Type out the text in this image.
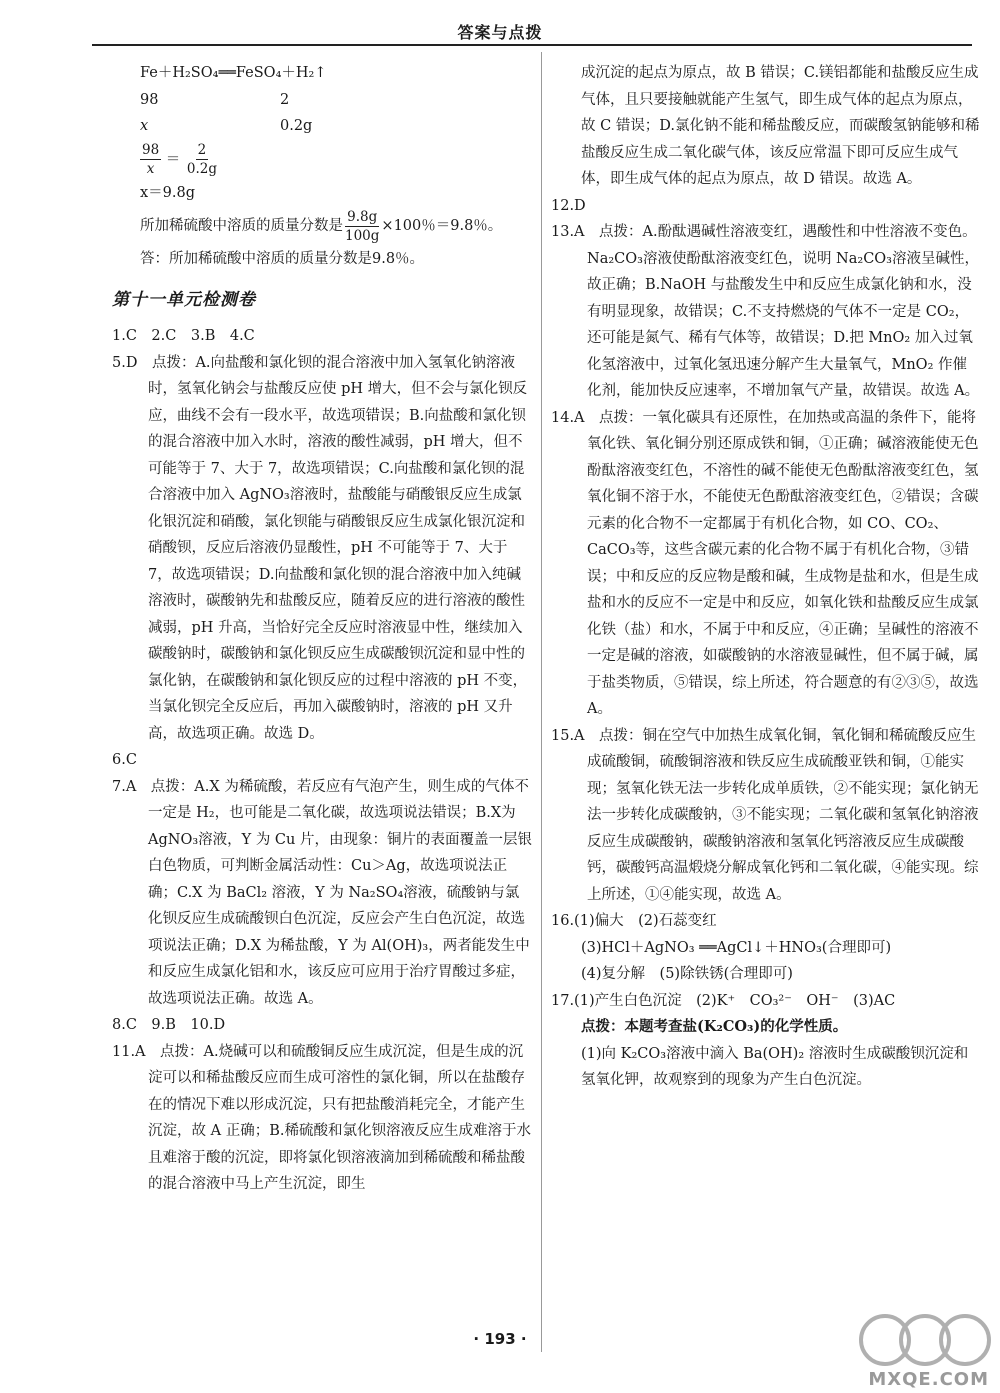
答案与点拨
Fe＋H₂SO₄══FeSO₄＋H₂↑
98	2
x	0.2g
$\frac{98}{x} = \frac{2}{0.2g}$
x＝9.8g
所加稀硫酸中溶质的质量分数是 $\frac{9.8g}{100g} \times 100$％＝9.8％。
答：所加稀硫酸中溶质的质量分数是9.8％。
第十一单元检测卷
1.C　2.C　3.B　4.C

5.D　点拨：A.向盐酸和氯化钡的混合溶液中加入氢氧化钠溶液时，氢氧化钠会与盐酸反应使 pH 增大，但不会与氯化钡反应，曲线不会有一段水平，故选项错误；B.向盐酸和氯化钡的混合溶液中加入水时，溶液的酸性减弱，pH 增大，但不可能等于 7、大于 7，故选项错误；C.向盐酸和氯化钡的混合溶液中加入 AgNO₃溶液时，盐酸能与硝酸银反应生成氯化银沉淀和硝酸，氯化钡能与硝酸银反应生成氯化银沉淀和硝酸钡，反应后溶液仍显酸性，pH 不可能等于 7、大于 7，故选项错误；D.向盐酸和氯化钡的混合溶液中加入纯碱溶液时，碳酸钠先和盐酸反应，随着反应的进行溶液的酸性减弱，pH 升高，当恰好完全反应时溶液显中性，继续加入碳酸钠时，碳酸钠和氯化钡反应生成碳酸钡沉淀和显中性的氯化钠，在碳酸钠和氯化钡反应的过程中溶液的 pH 不变，当氯化钡完全反应后，再加入碳酸钠时，溶液的 pH 又升高，故选项正确。故选 D。

6.C

7.A　点拨：A.X 为稀硫酸，若反应有气泡产生，则生成的气体不一定是 H₂，也可能是二氧化碳，故选项说法错误；B.X为 AgNO₃溶液，Y 为 Cu 片，由现象：铜片的表面覆盖一层银白色物质，可判断金属活动性：Cu＞Ag，故选项说法正确；C.X 为 BaCl₂ 溶液，Y 为 Na₂SO₄溶液，硫酸钠与氯化钡反应生成硫酸钡白色沉淀，反应会产生白色沉淀，故选项说法正确；D.X 为稀盐酸，Y 为 Al(OH)₃，两者能发生中和反应生成氯化铝和水，该反应可应用于治疗胃酸过多症，故选项说法正确。故选 A。

8.C　9.B　10.D

11.A　点拨：A.烧碱可以和硫酸铜反应生成沉淀，但是生成的沉淀可以和稀盐酸反应而生成可溶性的氯化铜，所以在盐酸存在的情况下难以形成沉淀，只有把盐酸消耗完全，才能产生沉淀，故 A 正确；B.稀硫酸和氯化钡溶液反应生成难溶于水且难溶于酸的沉淀，即将氯化钡溶液滴加到稀硫酸和稀盐酸的混合溶液中马上产生沉淀，即生

成沉淀的起点为原点，故 B 错误；C.镁铝都能和盐酸反应生成气体，且只要接触就能产生氢气，即生成气体的起点为原点，故 C 错误；D.氯化钠不能和稀盐酸反应，而碳酸氢钠能够和稀盐酸反应生成二氧化碳气体，该反应常温下即可反应生成气体，即生成气体的起点为原点，故 D 错误。故选 A。

12.D

13.A　点拨：A.酚酞遇碱性溶液变红，遇酸性和中性溶液不变色。Na₂CO₃溶液使酚酞溶液变红色，说明 Na₂CO₃溶液呈碱性，故正确；B.NaOH 与盐酸发生中和反应生成氯化钠和水，没有明显现象，故错误；C.不支持燃烧的气体不一定是 CO₂，还可能是氮气、稀有气体等，故错误；D.把 MnO₂ 加入过氧化氢溶液中，过氧化氢迅速分解产生大量氧气，MnO₂ 作催化剂，能加快反应速率，不增加氧气产量，故错误。故选 A。

14.A　点拨：一氧化碳具有还原性，在加热或高温的条件下，能将氧化铁、氧化铜分别还原成铁和铜，①正确；碱溶液能使无色酚酞溶液变红色，不溶性的碱不能使无色酚酞溶液变红色，氢氧化铜不溶于水，不能使无色酚酞溶液变红色，②错误；含碳元素的化合物不一定都属于有机化合物，如 CO、CO₂、CaCO₃等，这些含碳元素的化合物不属于有机化合物，③错误；中和反应的反应物是酸和碱，生成物是盐和水，但是生成盐和水的反应不一定是中和反应，如氧化铁和盐酸反应生成氯化铁（盐）和水，不属于中和反应，④正确；呈碱性的溶液不一定是碱的溶液，如碳酸钠的水溶液显碱性，但不属于碱，属于盐类物质，⑤错误，综上所述，符合题意的有②③⑤，故选 A。

15.A　点拨：铜在空气中加热生成氧化铜，氧化铜和稀硫酸反应生成硫酸铜，硫酸铜溶液和铁反应生成硫酸亚铁和铜，①能实现；氢氧化铁无法一步转化成单质铁，②不能实现；氯化钠无法一步转化成碳酸钠，③不能实现；二氧化碳和氢氧化钠溶液反应生成碳酸钠，碳酸钠溶液和氢氧化钙溶液反应生成碳酸钙，碳酸钙高温煅烧分解成氧化钙和二氧化碳，④能实现。综上所述，①④能实现，故选 A。

16.(1)偏大　(2)石蕊变红
(3)HCl＋AgNO₃ ══AgCl↓＋HNO₃(合理即可)
(4)复分解　(5)除铁锈(合理即可)
17.(1)产生白色沉淀　(2)K⁺　CO₃²⁻　OH⁻　(3)AC
点拨：本题考查盐(K₂CO₃)的化学性质。

(1)向 K₂CO₃溶液中滴入 Ba(OH)₂ 溶液时生成碳酸钡沉淀和氢氧化钾，故观察到的现象为产生白色沉淀。

· 193 ·
MXQE.COM
